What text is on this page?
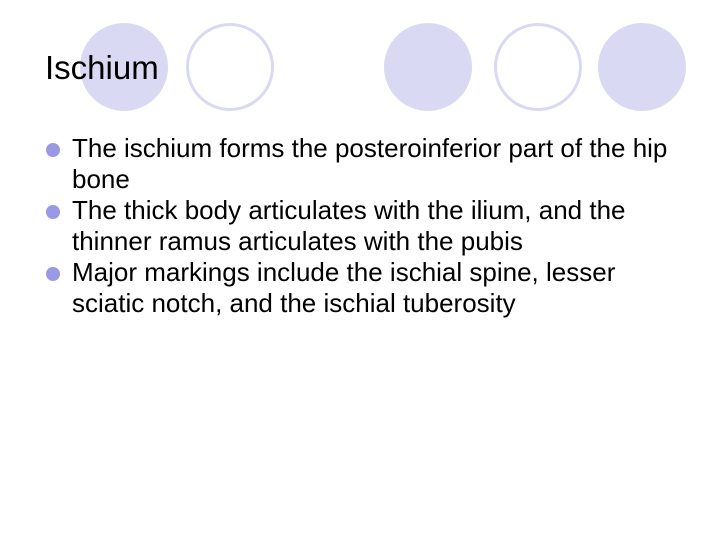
Ischium
The ischium forms the posteroinferior part of the hip bone
The thick body articulates with the ilium, and the thinner ramus articulates with the pubis
Major markings include the ischial spine, lesser sciatic notch, and the ischial tuberosity
